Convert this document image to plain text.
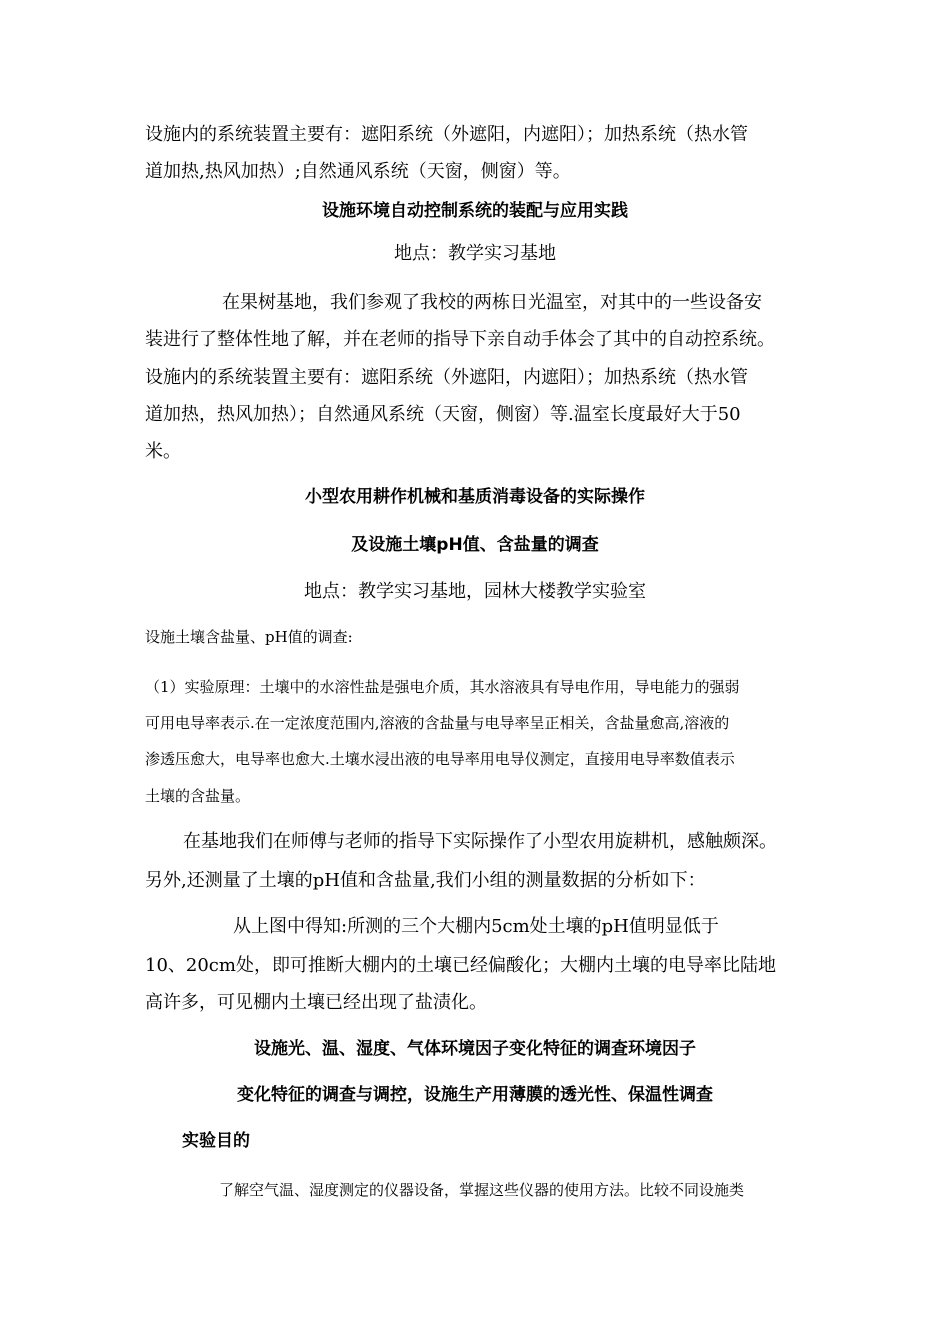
设施内的系统装置主要有：遮阳系统（外遮阳，内遮阳）；加热系统（热水管
道加热,热风加热）;自然通风系统（天窗，侧窗）等。
设施环境自动控制系统的装配与应用实践
地点：教学实习基地
在果树基地，我们参观了我校的两栋日光温室，对其中的一些设备安
装进行了整体性地了解，并在老师的指导下亲自动手体会了其中的自动控系统。
设施内的系统装置主要有：遮阳系统（外遮阳，内遮阳）；加热系统（热水管
道加热，热风加热）；自然通风系统（天窗，侧窗）等.温室长度最好大于50
米。
小型农用耕作机械和基质消毒设备的实际操作
及设施土壤pH值、含盐量的调查
地点：教学实习基地，园林大楼教学实验室
设施土壤含盐量、pH值的调查:
（1）实验原理：土壤中的水溶性盐是强电介质，其水溶液具有导电作用，导电能力的强弱
可用电导率表示.在一定浓度范围内,溶液的含盐量与电导率呈正相关，含盐量愈高,溶液的
渗透压愈大，电导率也愈大.土壤水浸出液的电导率用电导仪测定，直接用电导率数值表示
土壤的含盐量。
在基地我们在师傅与老师的指导下实际操作了小型农用旋耕机，感触颇深。
另外,还测量了土壤的pH值和含盐量,我们小组的测量数据的分析如下：
从上图中得知:所测的三个大棚内5cm处土壤的pH值明显低于
10、20cm处，即可推断大棚内的土壤已经偏酸化；大棚内土壤的电导率比陆地
高许多，可见棚内土壤已经出现了盐渍化。
设施光、温、湿度、气体环境因子变化特征的调查环境因子
变化特征的调查与调控，设施生产用薄膜的透光性、保温性调查
实验目的
了解空气温、湿度测定的仪器设备，掌握这些仪器的使用方法。比较不同设施类
